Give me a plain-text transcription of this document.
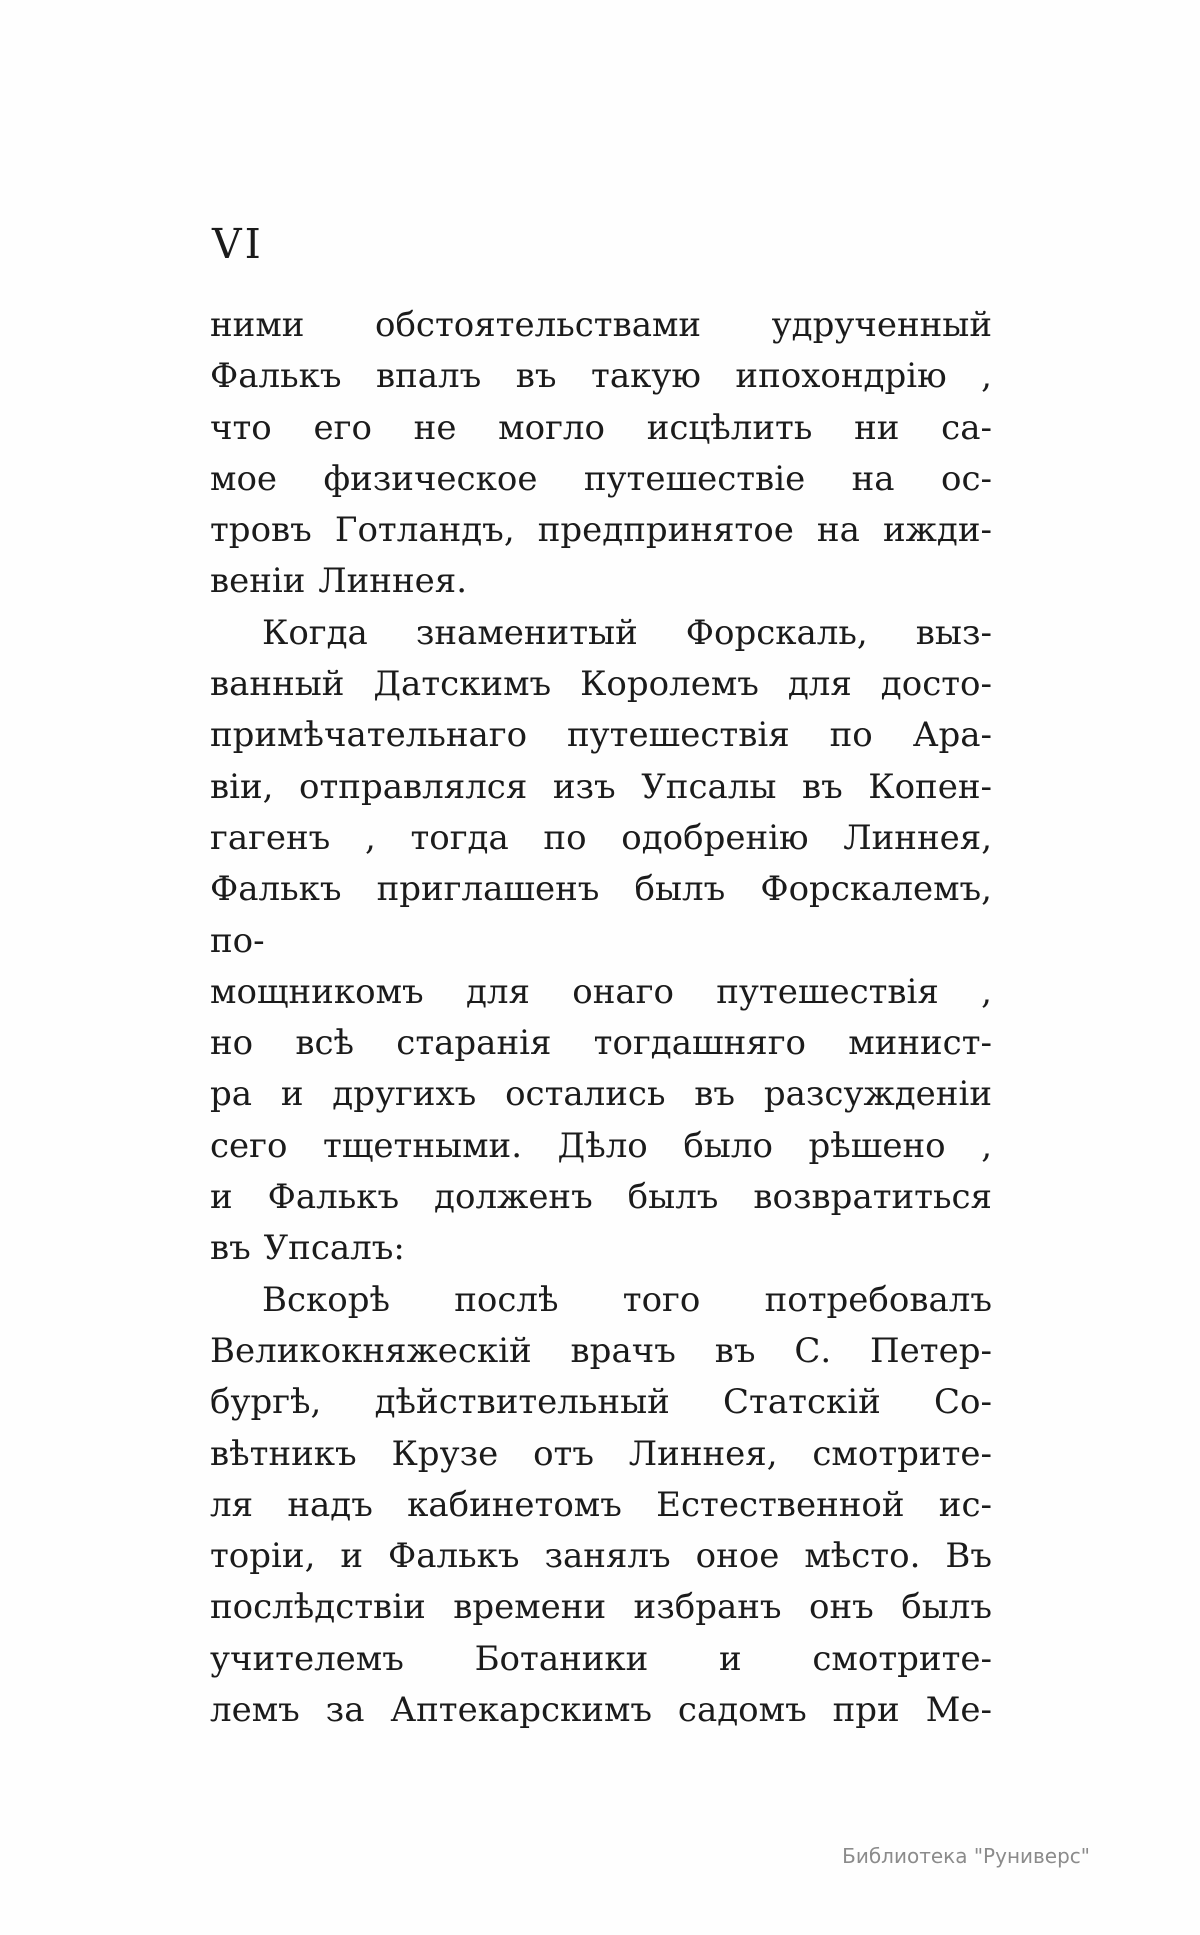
VI
ними обстоятельствами удрученный
Фалькъ впалъ въ такую ипохондрію ,
что его не могло исцѣлить ни са-
мое физическое путешествіе на ос-
тровъ Готландъ, предпринятое на ижди-
веніи Линнея.
Когда знаменитый Форскаль, выз-
ванный Датскимъ Королемъ для досто-
примѣчательнаго путешествія по Ара-
віи, отправлялся изъ Упсалы въ Копен-
гагенъ , тогда по одобренію Линнея,
Фалькъ приглашенъ былъ Форскалемъ, по-
мощникомъ для онаго путешествія ,
но всѣ старанія тогдашняго минист-
ра и другихъ остались въ разсужденіи
сего тщетными. Дѣло было рѣшено ,
и Фалькъ долженъ былъ возвратиться
въ Упсалъ:
Вскорѣ послѣ того потребовалъ
Великокняжескій врачъ въ С. Петер-
бургѣ, дѣйствительный Статскій Со-
вѣтникъ Крузе отъ Линнея, смотрите-
ля надъ кабинетомъ Естественной ис-
торіи, и Фалькъ занялъ оное мѣсто. Въ
послѣдствіи времени избранъ онъ былъ
учителемъ Ботаники и смотрите-
лемъ за Аптекарскимъ садомъ при Ме-
Библиотека "Руниверс"
